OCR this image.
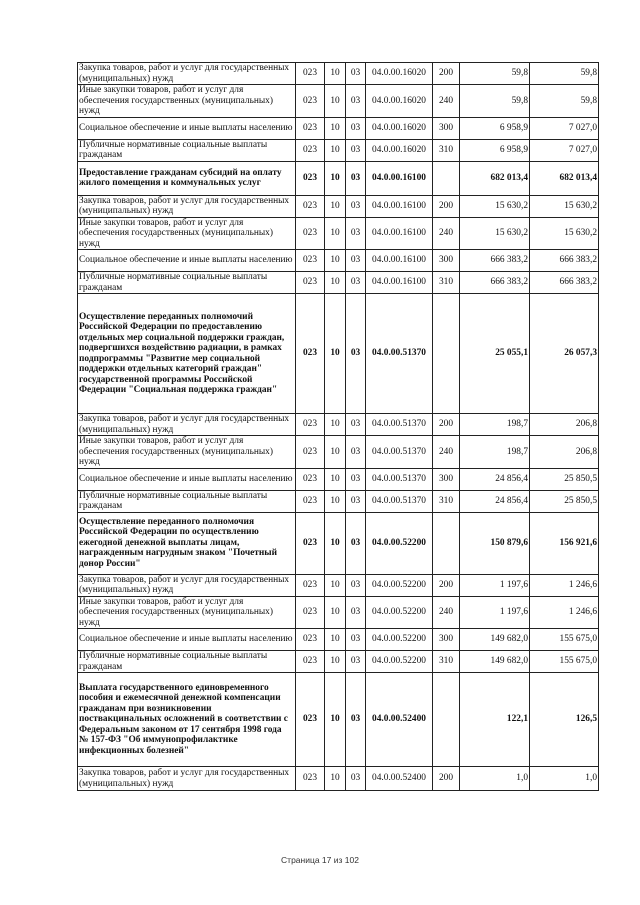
Закупка товаров, работ и услуг для государственных (муниципальных) нужд	023	10	03	04.0.00.16020	200	59,8	59,8
Иные закупки товаров, работ и услуг для обеспечения государственных (муниципальных) нужд	023	10	03	04.0.00.16020	240	59,8	59,8
Социальное обеспечение и иные выплаты населению	023	10	03	04.0.00.16020	300	6 958,9	7 027,0
Публичные нормативные социальные выплаты гражданам	023	10	03	04.0.00.16020	310	6 958,9	7 027,0
Предоставление гражданам субсидий на оплату жилого помещения и коммунальных услуг	023	10	03	04.0.00.16100		682 013,4	682 013,4
Закупка товаров, работ и услуг для государственных (муниципальных) нужд	023	10	03	04.0.00.16100	200	15 630,2	15 630,2
Иные закупки товаров, работ и услуг для обеспечения государственных (муниципальных) нужд	023	10	03	04.0.00.16100	240	15 630,2	15 630,2
Социальное обеспечение и иные выплаты населению	023	10	03	04.0.00.16100	300	666 383,2	666 383,2
Публичные нормативные социальные выплаты гражданам	023	10	03	04.0.00.16100	310	666 383,2	666 383,2
Осуществление переданных полномочий Российской Федерации по предоставлению отдельных мер социальной поддержки граждан, подвергшихся воздействию радиации, в рамках подпрограммы "Развитие мер социальной поддержки отдельных категорий граждан" государственной программы Российской Федерации "Социальная поддержка граждан"	023	10	03	04.0.00.51370		25 055,1	26 057,3
Закупка товаров, работ и услуг для государственных (муниципальных) нужд	023	10	03	04.0.00.51370	200	198,7	206,8
Иные закупки товаров, работ и услуг для обеспечения государственных (муниципальных) нужд	023	10	03	04.0.00.51370	240	198,7	206,8
Социальное обеспечение и иные выплаты населению	023	10	03	04.0.00.51370	300	24 856,4	25 850,5
Публичные нормативные социальные выплаты гражданам	023	10	03	04.0.00.51370	310	24 856,4	25 850,5
Осуществление переданного полномочия Российской Федерации по осуществлению ежегодной денежной выплаты лицам, награжденным нагрудным знаком "Почетный донор России"	023	10	03	04.0.00.52200		150 879,6	156 921,6
Закупка товаров, работ и услуг для государственных (муниципальных) нужд	023	10	03	04.0.00.52200	200	1 197,6	1 246,6
Иные закупки товаров, работ и услуг для обеспечения государственных (муниципальных) нужд	023	10	03	04.0.00.52200	240	1 197,6	1 246,6
Социальное обеспечение и иные выплаты населению	023	10	03	04.0.00.52200	300	149 682,0	155 675,0
Публичные нормативные социальные выплаты гражданам	023	10	03	04.0.00.52200	310	149 682,0	155 675,0
Выплата государственного единовременного пособия и ежемесячной денежной компенсации гражданам при возникновении поствакцинальных осложнений в соответствии с Федеральным законом от 17 сентября 1998 года № 157-ФЗ "Об иммунопрофилактике инфекционных болезней"	023	10	03	04.0.00.52400		122,1	126,5
Закупка товаров, работ и услуг для государственных (муниципальных) нужд	023	10	03	04.0.00.52400	200	1,0	1,0
Страница 17 из 102
